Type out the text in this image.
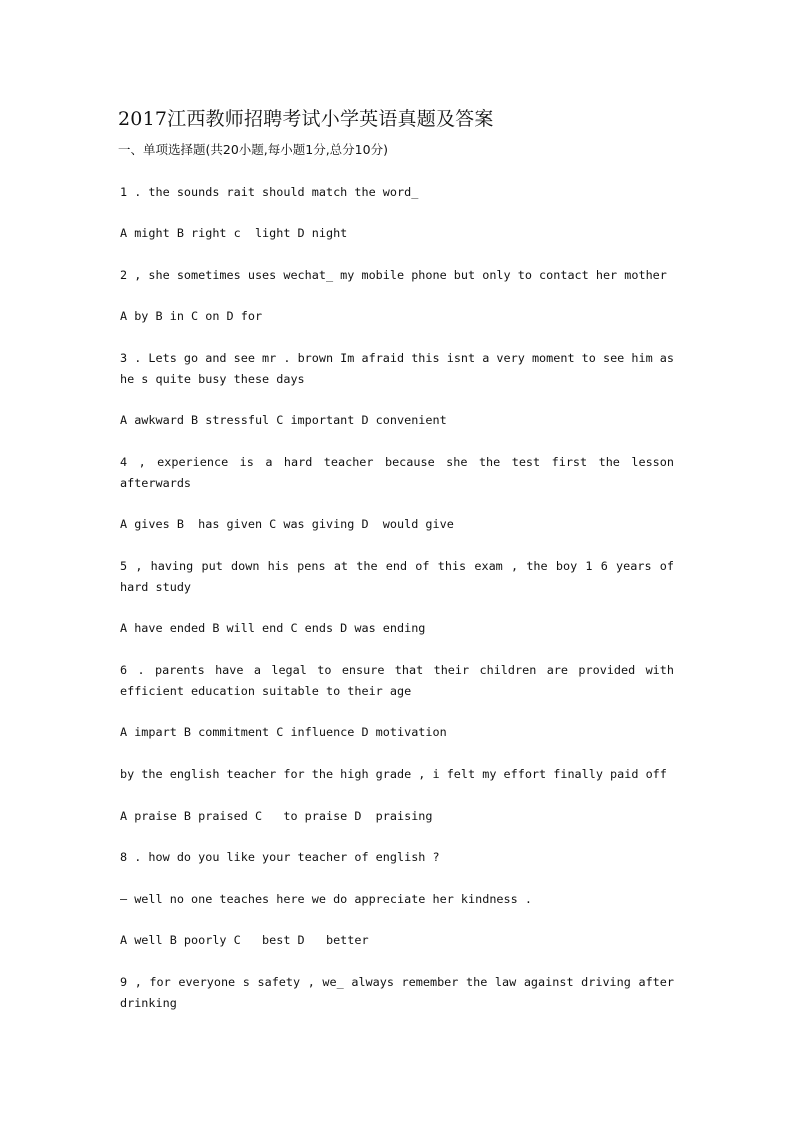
2017江西教师招聘考试小学英语真题及答案
一、单项选择题(共20小题,每小题1分,总分10分)
1 . the sounds rait should match the word_
A might B right c  light D night
2 , she sometimes uses wechat_ my mobile phone but only to contact her mother
A by B in C on D for
3 . Lets go and see mr . brown Im afraid this isnt a very moment to see him as
he s quite busy these days
A awkward B stressful C important D convenient
4 , experience is a hard teacher because she the test first the lesson
afterwards
A gives B  has given C was giving D  would give
5 , having put down his pens at the end of this exam , the boy 1 6 years of
hard study
A have ended B will end C ends D was ending
6 . parents have a legal to ensure that their children are provided with
efficient education suitable to their age
A impart B commitment C influence D motivation
by the english teacher for the high grade , i felt my effort finally paid off
A praise B praised C   to praise D  praising
8 . how do you like your teacher of english ?
— well no one teaches here we do appreciate her kindness .
A well B poorly C   best D   better
9 , for everyone s safety , we_ always remember the law against driving after
drinking
